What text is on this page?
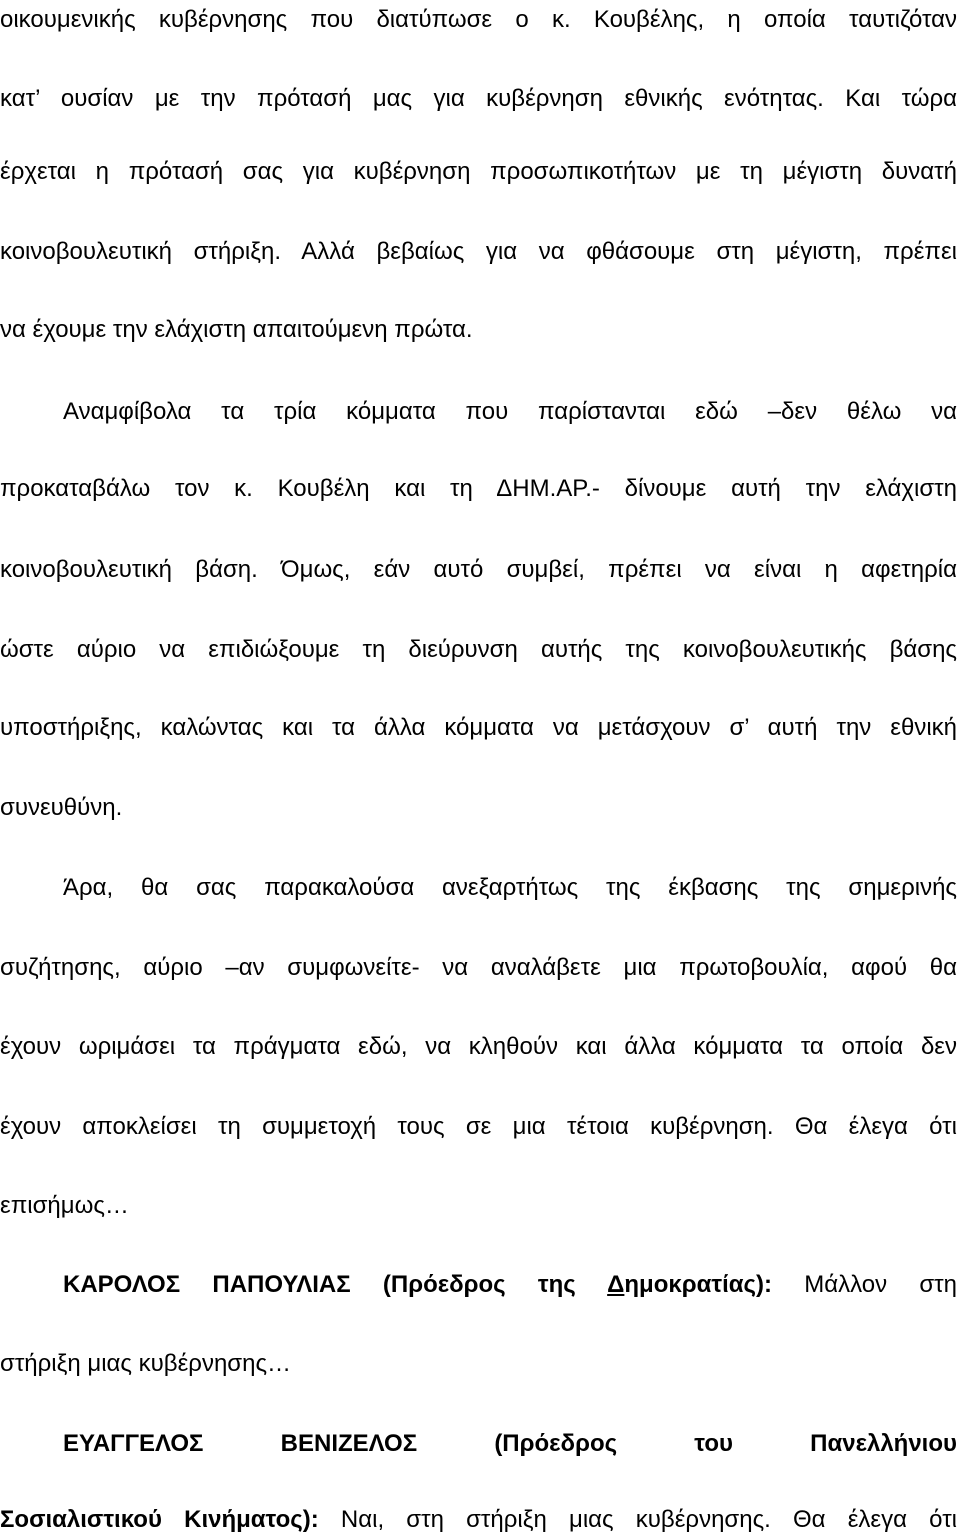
οικουμενικής κυβέρνησης που διατύπωσε ο κ. Κουβέλης, η οποία ταυτιζόταν
κατ’ ουσίαν με την πρότασή μας για κυβέρνηση εθνικής ενότητας. Και τώρα
έρχεται η πρότασή σας για κυβέρνηση προσωπικοτήτων με τη μέγιστη δυνατή
κοινοβουλευτική στήριξη. Αλλά βεβαίως για να φθάσουμε στη μέγιστη, πρέπει
να έχουμε την ελάχιστη απαιτούμενη πρώτα.
Αναμφίβολα τα τρία κόμματα που παρίστανται εδώ –δεν θέλω να
προκαταβάλω τον κ. Κουβέλη και τη ΔΗΜ.ΑΡ.- δίνουμε αυτή την ελάχιστη
κοινοβουλευτική βάση. Όμως, εάν αυτό συμβεί, πρέπει να είναι η αφετηρία
ώστε αύριο να επιδιώξουμε τη διεύρυνση αυτής της κοινοβουλευτικής βάσης
υποστήριξης, καλώντας και τα άλλα κόμματα να μετάσχουν σ’ αυτή την εθνική
συνευθύνη.
Άρα, θα σας παρακαλούσα ανεξαρτήτως της έκβασης της σημερινής
συζήτησης, αύριο –αν συμφωνείτε- να αναλάβετε μια πρωτοβουλία, αφού θα
έχουν ωριμάσει τα πράγματα εδώ, να κληθούν και άλλα κόμματα τα οποία δεν
έχουν αποκλείσει τη συμμετοχή τους σε μια τέτοια κυβέρνηση. Θα έλεγα ότι
επισήμως…
ΚΑΡΟΛΟΣ ΠΑΠΟΥΛΙΑΣ (Πρόεδρος της Δημοκρατίας): Μάλλον στη
στήριξη μιας κυβέρνησης…
ΕΥΑΓΓΕΛΟΣ ΒΕΝΙΖΕΛΟΣ	(Πρόεδρος του Πανελλήνιου
Σοσιαλιστικού Κινήματος): Ναι, στη στήριξη μιας κυβέρνησης. Θα έλεγα ότι
